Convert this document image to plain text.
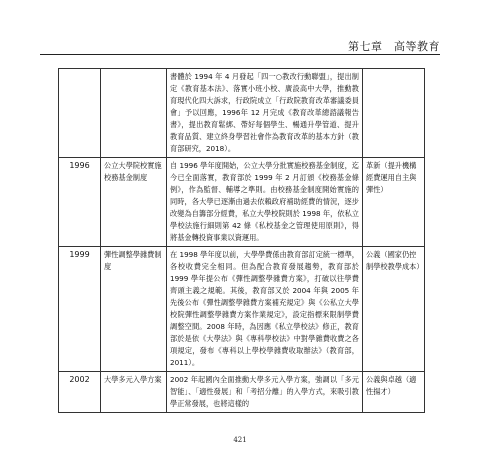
第七章　高等教育
		書體於 1994 年 4 月發起「四一○教改行動聯盟」，提出制定《教育基本法》、落實小班小校、廣設高中大學，推動教育現代化四大訴求，行政院成立「行政院教育改革審議委員會」予以回應，1996年 12 月完成《教育改革總諮議報告書》，提出教育鬆綁、帶好每個學生、暢通升學管道、提升教育品質、建立終身學習社會作為教育改革的基本方針（教育部研究，2018）。	
1996	公立大學院校實施校務基金制度	自 1996 學年度開始，公立大學分批實施校務基金制度，迄今已全面落實，教育部於 1999 年 2 月訂頒《校務基金條例》，作為監督、輔導之準則。由校務基金制度開始實施的同時，各大學已逐漸由過去依賴政府補助經費的情況，逐步改變為自籌部分經費，私立大學校院則於 1998 年，依私立學校法施行細則第 42 條《私校基金之管理使用原則》，得將基金轉投資事業以資運用。	革新（提升機構經費運用自主與彈性）
1999	彈性調整學雜費制度	在 1998 學年度以前，大學學費係由教育部訂定統一標準，各校收費完全相同。但為配合教育發展趨勢，教育部於 1999 學年提公布《彈性調整學雜費方案》，打破以往學費齊頭主義之規範。其後，教育部又於 2004 年與 2005 年先後公布《彈性調整學雜費方案補充規定》與《公私立大學校院彈性調整學雜費方案作業規定》，設定指標來限制學費調整空間。2008 年時，為因應《私立學校法》修正，教育部於是依《大學法》與《專科學校法》中對學雜費收費之各項規定，發布《專科以上學校學雜費收取辦法》（教育部，2011）。	公義（國家仍控制學校教學成本）
2002	大學多元入學方案	2002 年起國內全面推動大學多元入學方案，強調以「多元智能」、「適性發展」和「考招分離」的入學方式，來吸引教學正常發展，也將這樣的	公義與卓越（適性揚才）
421
